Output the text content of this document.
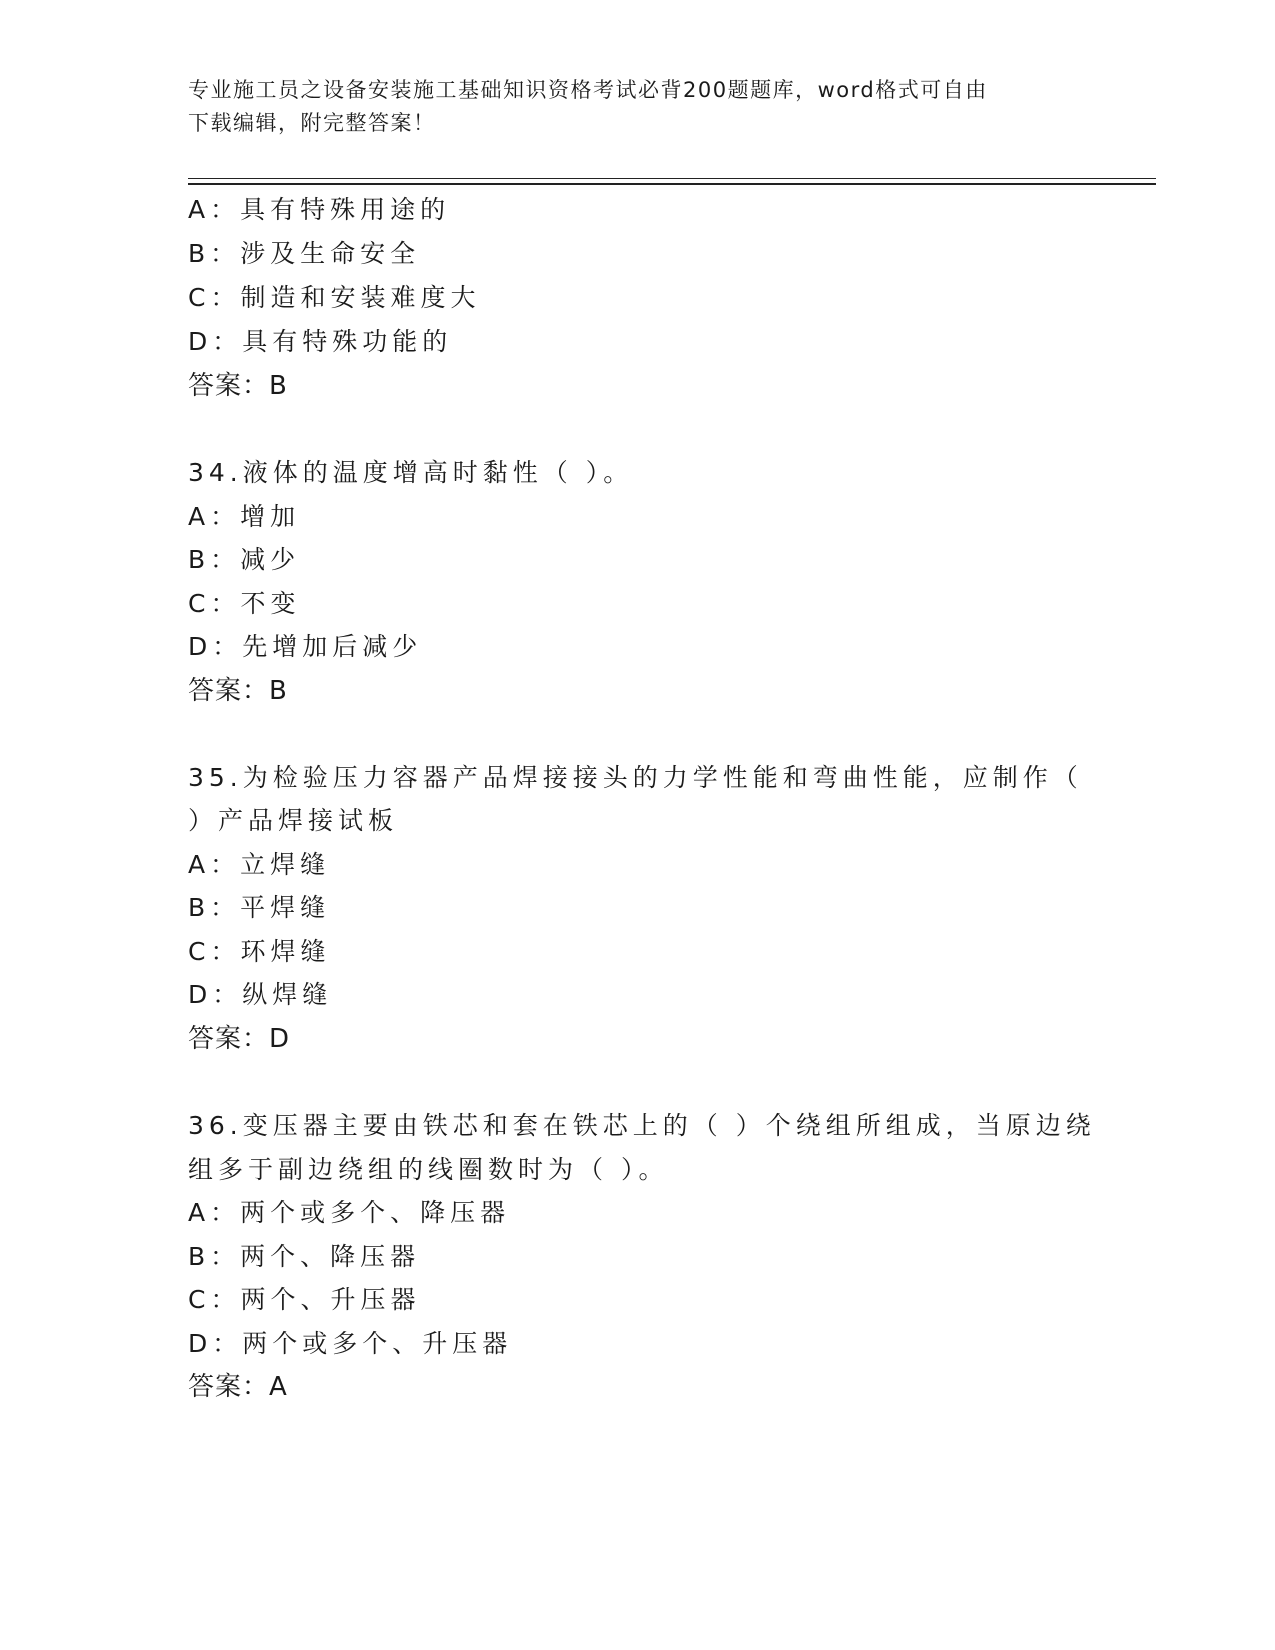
专业施工员之设备安装施工基础知识资格考试必背200题题库，word格式可自由
下载编辑，附完整答案！
A：具有特殊用途的
B：涉及生命安全
C：制造和安装难度大
D：具有特殊功能的
答案：B
34.液体的温度增高时黏性（ ）。
A：增加
B：减少
C：不变
D：先增加后减少
答案：B
35.为检验压力容器产品焊接接头的力学性能和弯曲性能，应制作（
）产品焊接试板
A：立焊缝
B：平焊缝
C：环焊缝
D：纵焊缝
答案：D
36.变压器主要由铁芯和套在铁芯上的（ ）个绕组所组成，当原边绕
组多于副边绕组的线圈数时为（ ）。
A：两个或多个、降压器
B：两个、降压器
C：两个、升压器
D：两个或多个、升压器
答案：A
